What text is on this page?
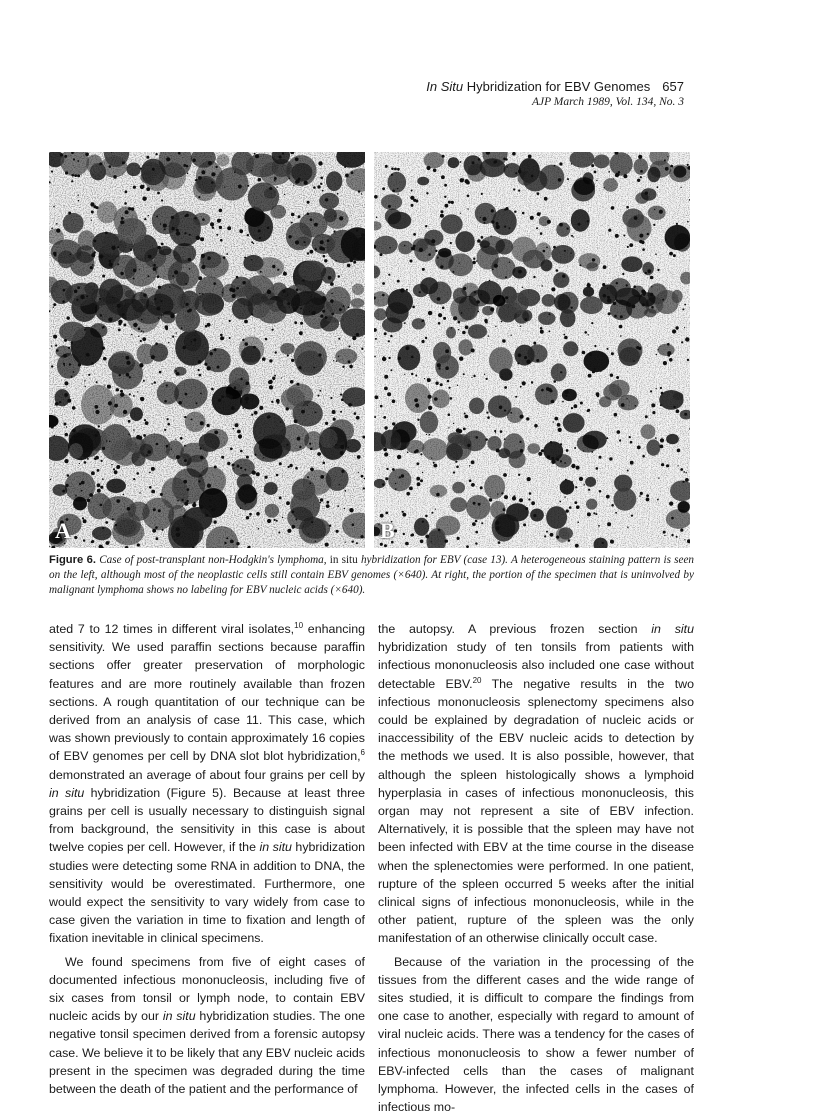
In Situ Hybridization for EBV Genomes 657
AJP March 1989, Vol. 134, No. 3
A	B
Figure 6. Case of post-transplant non-Hodgkin's lymphoma, in situ hybridization for EBV (case 13). A heterogeneous staining pattern is seen on the left, although most of the neoplastic cells still contain EBV genomes (×640). At right, the portion of the specimen that is uninvolved by malignant lymphoma shows no labeling for EBV nucleic acids (×640).

ated 7 to 12 times in different viral isolates,$^{10}$ enhancing sensitivity. We used paraffin sections because paraffin sections offer greater preservation of morphologic features and are more routinely available than frozen sections. A rough quantitation of our technique can be derived from an analysis of case 11. This case, which was shown previously to contain approximately 16 copies of EBV genomes per cell by DNA slot blot hybridization,$^6$ demonstrated an average of about four grains per cell by in situ hybridization (Figure 5). Because at least three grains per cell is usually necessary to distinguish signal from background, the sensitivity in this case is about twelve copies per cell. However, if the in situ hybridization studies were detecting some RNA in addition to DNA, the sensitivity would be overestimated. Furthermore, one would expect the sensitivity to vary widely from case to case given the variation in time to fixation and length of fixation inevitable in clinical specimens.

We found specimens from five of eight cases of documented infectious mononucleosis, including five of six cases from tonsil or lymph node, to contain EBV nucleic acids by our in situ hybridization studies. The one negative tonsil specimen derived from a forensic autopsy case. We believe it to be likely that any EBV nucleic acids present in the specimen was degraded during the time between the death of the patient and the performance of

the autopsy. A previous frozen section in situ hybridization study of ten tonsils from patients with infectious mononucleosis also included one case without detectable EBV.$^{20}$ The negative results in the two infectious mononucleosis splenectomy specimens also could be explained by degradation of nucleic acids or inaccessibility of the EBV nucleic acids to detection by the methods we used. It is also possible, however, that although the spleen histologically shows a lymphoid hyperplasia in cases of infectious mononucleosis, this organ may not represent a site of EBV infection. Alternatively, it is possible that the spleen may have not been infected with EBV at the time course in the disease when the splenectomies were performed. In one patient, rupture of the spleen occurred 5 weeks after the initial clinical signs of infectious mononucleosis, while in the other patient, rupture of the spleen was the only manifestation of an otherwise clinically occult case.

Because of the variation in the processing of the tissues from the different cases and the wide range of sites studied, it is difficult to compare the findings from one case to another, especially with regard to amount of viral nucleic acids. There was a tendency for the cases of infectious mononucleosis to show a fewer number of EBV-infected cells than the cases of malignant lymphoma. However, the infected cells in the cases of infectious mo-
